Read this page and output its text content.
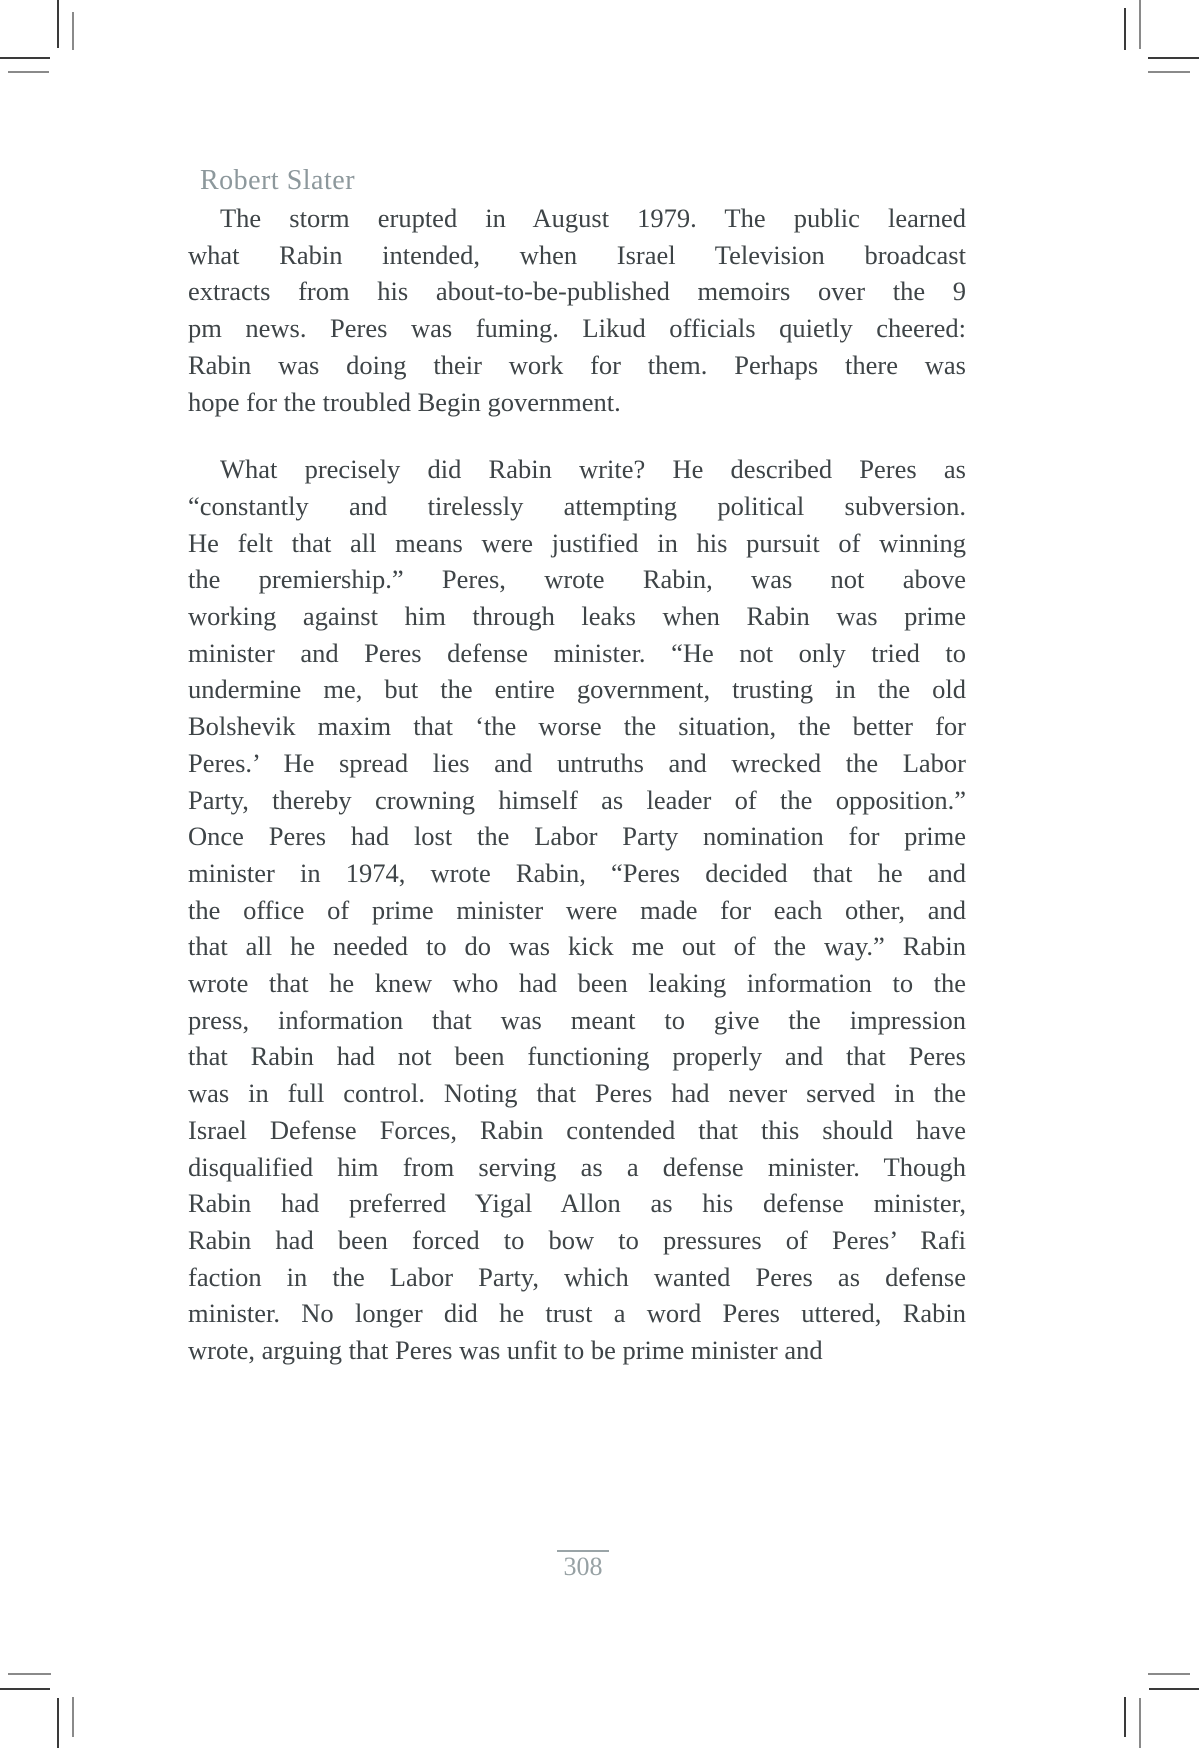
Robert Slater
The storm erupted in August 1979. The public learned
what Rabin intended, when Israel Television broadcast
extracts from his about-to-be-published memoirs over the 9
pm news. Peres was fuming. Likud officials quietly cheered:
Rabin was doing their work for them. Perhaps there was
hope for the troubled Begin government.
What precisely did Rabin write? He described Peres as
“constantly and tirelessly attempting political subversion.
He felt that all means were justified in his pursuit of winning
the premiership.” Peres, wrote Rabin, was not above
working against him through leaks when Rabin was prime
minister and Peres defense minister. “He not only tried to
undermine me, but the entire government, trusting in the old
Bolshevik maxim that ‘the worse the situation, the better for
Peres.’ He spread lies and untruths and wrecked the Labor
Party, thereby crowning himself as leader of the opposition.”
Once Peres had lost the Labor Party nomination for prime
minister in 1974, wrote Rabin, “Peres decided that he and
the office of prime minister were made for each other, and
that all he needed to do was kick me out of the way.” Rabin
wrote that he knew who had been leaking information to the
press, information that was meant to give the impression
that Rabin had not been functioning properly and that Peres
was in full control. Noting that Peres had never served in the
Israel Defense Forces, Rabin contended that this should have
disqualified him from serving as a defense minister. Though
Rabin had preferred Yigal Allon as his defense minister,
Rabin had been forced to bow to pressures of Peres’ Rafi
faction in the Labor Party, which wanted Peres as defense
minister. No longer did he trust a word Peres uttered, Rabin
wrote, arguing that Peres was unfit to be prime minister and
308
